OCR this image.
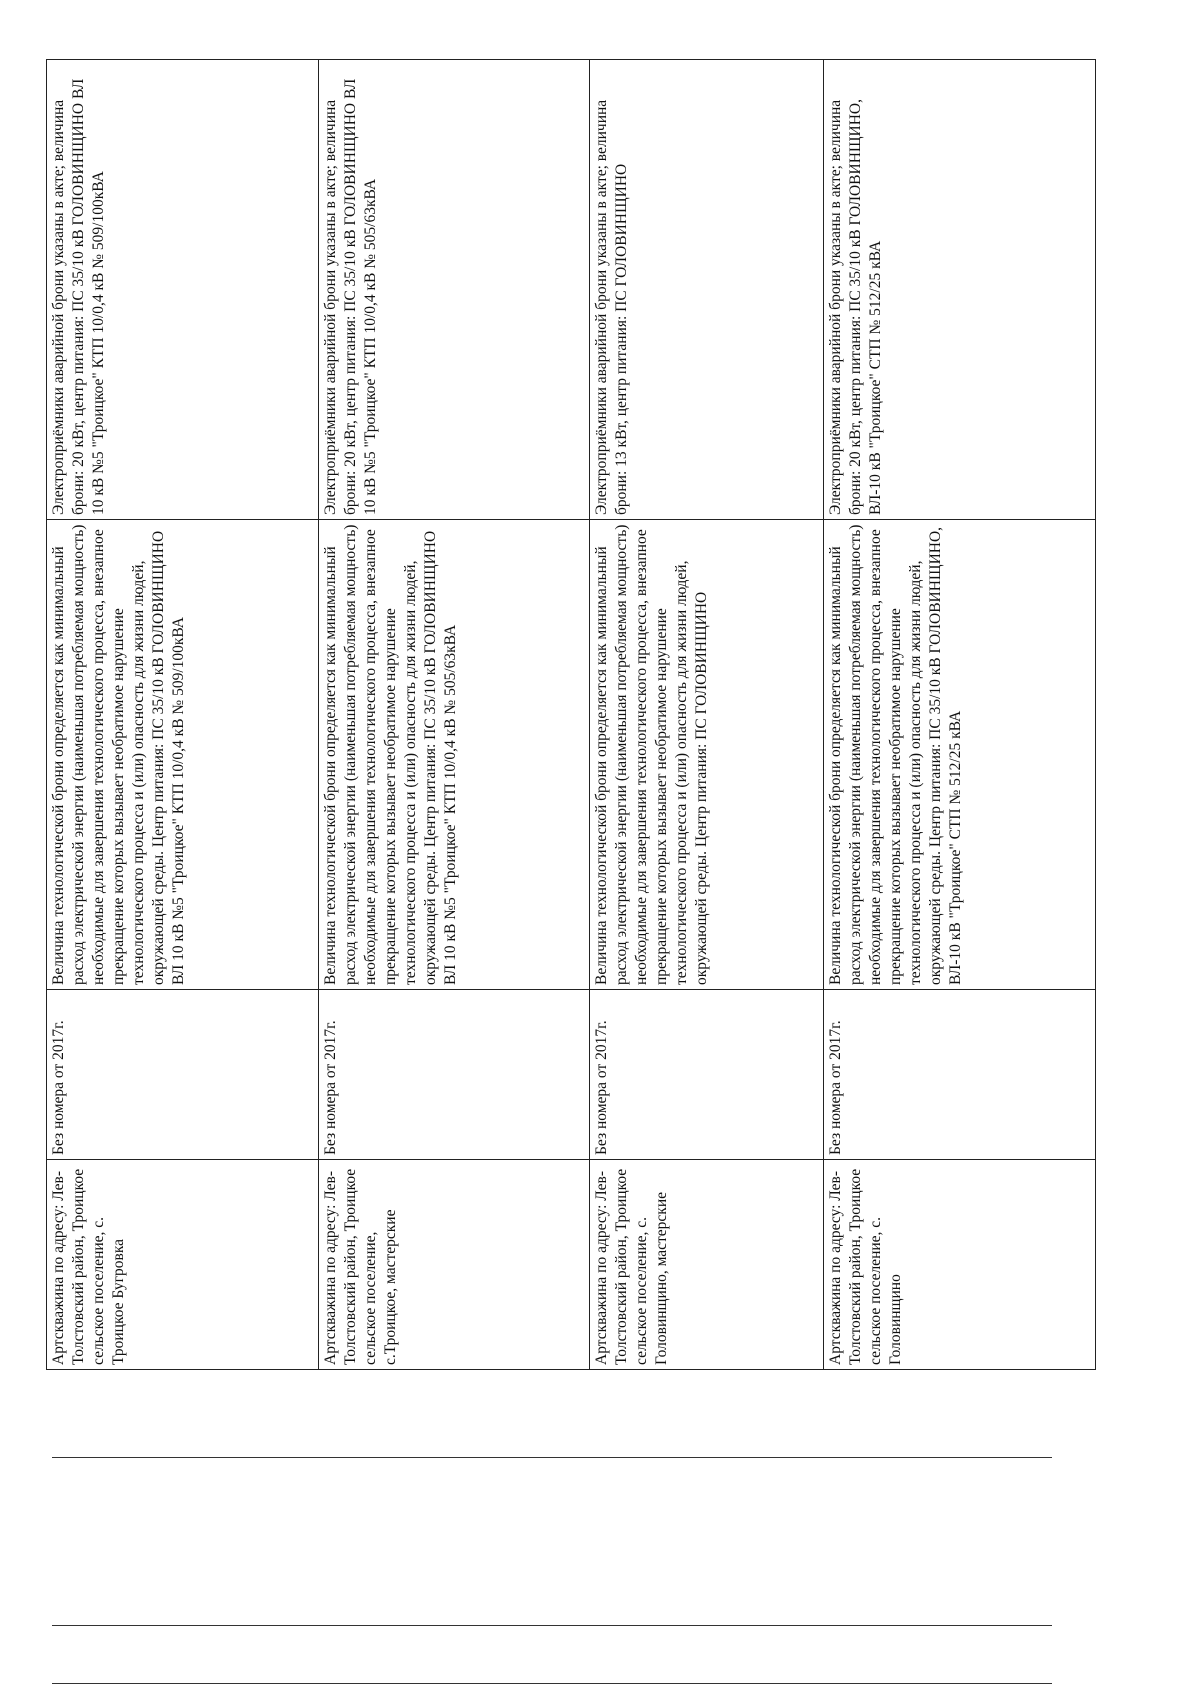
Артскважина по адресу: Лев-Толстовский район, Троицкое сельское поселение, с. Троицкое Бугровка	Без номера от 2017г.	Величина технологической брони определяется как минимальный расход электрической энергии (наименьшая потребляемая мощность) необходимые для завершения технологического процесса, внезапное прекращение которых вызывает необратимое нарушение технологического процесса и (или) опасность для жизни людей, окружающей среды. Центр питания: ПС 35/10 кВ ГОЛОВИНЩИНО ВЛ 10 кВ №5 "Троицкое" КТП 10/0,4 кВ № 509/100кВА	Электроприёмники аварийной брони указаны в акте; величина брони: 20 кВт, центр питания: ПС 35/10 кВ ГОЛОВИНЩИНО ВЛ 10 кВ №5 "Троицкое" КТП 10/0,4 кВ № 509/100кВА
Артскважина по адресу: Лев-Толстовский район, Троицкое сельское поселение, с.Троицкое, мастерские	Без номера от 2017г.	Величина технологической брони определяется как минимальный расход электрической энергии (наименьшая потребляемая мощность) необходимые для завершения технологического процесса, внезапное прекращение которых вызывает необратимое нарушение технологического процесса и (или) опасность для жизни людей, окружающей среды. Центр питания: ПС 35/10 кВ ГОЛОВИНЩИНО ВЛ 10 кВ №5 "Троицкое" КТП 10/0,4 кВ № 505/63кВА	Электроприёмники аварийной брони указаны в акте; величина брони: 20 кВт, центр питания: ПС 35/10 кВ ГОЛОВИНЩИНО ВЛ 10 кВ №5 "Троицкое" КТП 10/0,4 кВ № 505/63кВА
Артскважина по адресу: Лев-Толстовский район, Троицкое сельское поселение, с. Головинщино, мастерские	Без номера от 2017г.	Величина технологической брони определяется как минимальный расход электрической энергии (наименьшая потребляемая мощность) необходимые для завершения технологического процесса, внезапное прекращение которых вызывает необратимое нарушение технологического процесса и (или) опасность для жизни людей, окружающей среды. Центр питания: ПС ГОЛОВИНЩИНО	Электроприёмники аварийной брони указаны в акте; величина брони: 13 кВт, центр питания: ПС ГОЛОВИНЩИНО
Артскважина по адресу: Лев-Толстовский район, Троицкое сельское поселение, с. Головинщино	Без номера от 2017г.	Величина технологической брони определяется как минимальный расход электрической энергии (наименьшая потребляемая мощность) необходимые для завершения технологического процесса, внезапное прекращение которых вызывает необратимое нарушение технологического процесса и (или) опасность для жизни людей, окружающей среды. Центр питания: ПС 35/10 кВ ГОЛОВИНЩИНО, ВЛ-10 кВ "Троицкое" СТП № 512/25 кВА	Электроприёмники аварийной брони указаны в акте; величина брони: 20 кВт, центр питания: ПС 35/10 кВ ГОЛОВИНЩИНО, ВЛ-10 кВ "Троицкое" СТП № 512/25 кВА
